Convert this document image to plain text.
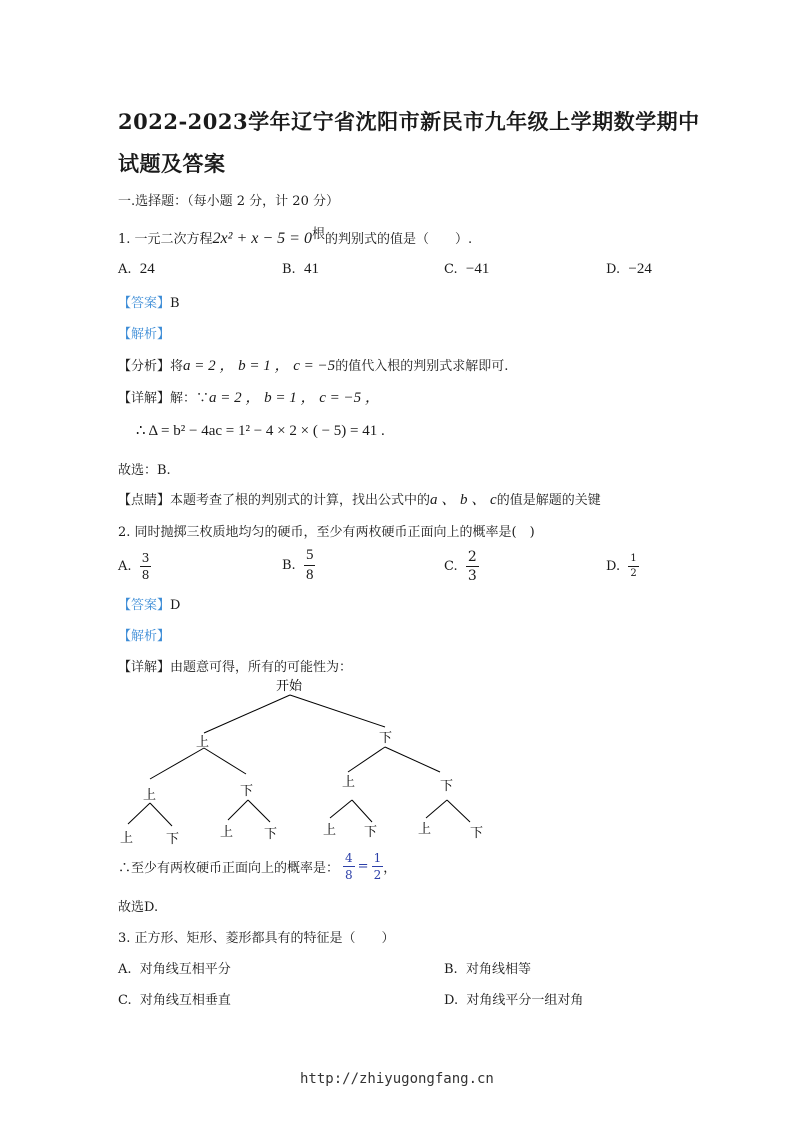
2022-2023学年辽宁省沈阳市新民市九年级上学期数学期中
试题及答案
一.选择题：（每小题 2 分，计 20 分）
1. 一元二次方程2x² + x − 5 = 0根的判别式的值是（　　）.
A. 24	B. 41	C. −41	D. −24
【答案】B
【解析】
【分析】将a = 2 ， b = 1 ， c = −5的值代入根的判别式求解即可.
【详解】解：∵a = 2 ， b = 1 ， c = −5 ，
∴ Δ = b² − 4ac = 1² − 4 × 2 × ( − 5) = 41 .
故选：B.
【点睛】本题考查了根的判别式的计算，找出公式中的a 、 b 、 c的值是解题的关键
2. 同时抛掷三枚质地均匀的硬币，至少有两枚硬币正面向上的概率是(　)
A.
$\frac{3}{8}$	B.
$\frac{5}{8}$	C.
$\frac{2}{3}$	D.
$\frac{1}{2}$
【答案】D
【解析】
【详解】由题意可得，所有的可能性为：
开始
上	下
上	下
上	下
上	下	上 下	上 下	上	下
∴至少有两枚硬币正面向上的概率是： $\frac{4}{8} = \frac{1}{2}$ ，
故选D.
3. 正方形、矩形、菱形都具有的特征是（　　）
A. 对角线互相平分	B. 对角线相等
C. 对角线互相垂直	D. 对角线平分一组对角
http://zhiyugongfang.cn
